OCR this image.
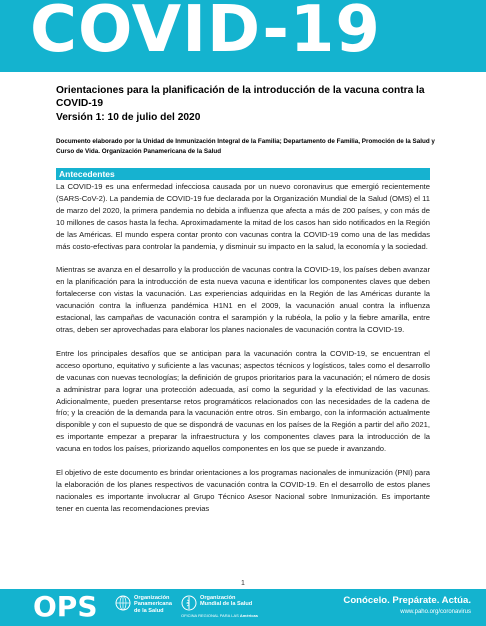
COVID-19
Orientaciones para la planificación de la introducción de la vacuna contra la COVID-19
Versión 1: 10 de julio del 2020
Documento elaborado por la Unidad de Inmunización Integral de la Familia; Departamento de Familia, Promoción de la Salud y Curso de Vida. Organización Panamericana de la Salud
Antecedentes

La COVID-19 es una enfermedad infecciosa causada por un nuevo coronavirus que emergió recientemente (SARS-CoV-2). La pandemia de COVID-19 fue declarada por la Organización Mundial de la Salud (OMS) el 11 de marzo del 2020, la primera pandemia no debida a influenza que afecta a más de 200 países, y con más de 10 millones de casos hasta la fecha. Aproximadamente la mitad de los casos han sido notificados en la Región de las Américas. El mundo espera contar pronto con vacunas contra la COVID-19 como una de las medidas más costo-efectivas para controlar la pandemia, y disminuir su impacto en la salud, la economía y la sociedad.

Mientras se avanza en el desarrollo y la producción de vacunas contra la COVID-19, los países deben avanzar en la planificación para la introducción de esta nueva vacuna e identificar los componentes claves que deben fortalecerse con vistas la vacunación. Las experiencias adquiridas en la Región de las Américas durante la vacunación contra la influenza pandémica H1N1 en el 2009, la vacunación anual contra la influenza estacional, las campañas de vacunación contra el sarampión y la rubéola, la polio y la fiebre amarilla, entre otras, deben ser aprovechadas para elaborar los planes nacionales de vacunación contra la COVID-19.

Entre los principales desafíos que se anticipan para la vacunación contra la COVID-19, se encuentran el acceso oportuno, equitativo y suficiente a las vacunas; aspectos técnicos y logísticos, tales como el desarrollo de vacunas con nuevas tecnologías; la definición de grupos prioritarios para la vacunación; el número de dosis a administrar para lograr una protección adecuada, así como la seguridad y la efectividad de las vacunas. Adicionalmente, pueden presentarse retos programáticos relacionados con las necesidades de la cadena de frío; y la creación de la demanda para la vacunación entre otros. Sin embargo, con la información actualmente disponible y con el supuesto de que se dispondrá de vacunas en los países de la Región a partir del año 2021, es importante empezar a preparar la infraestructura y los componentes claves para la introducción de la vacuna en todos los países, priorizando aquellos componentes en los que se puede ir avanzando.

El objetivo de este documento es brindar orientaciones a los programas nacionales de inmunización (PNI) para la elaboración de los planes respectivos de vacunación contra la COVID-19. En el desarrollo de estos planes nacionales es importante involucrar al Grupo Técnico Asesor Nacional sobre Inmunización. Es importante tener en cuenta las recomendaciones previas

1
OPS	Organización
Panamericana
de la Salud
Organización
Mundial de la Salud
OFICINA REGIONAL PARA LAS Américas
Conócelo. Prepárate. Actúa.
www.paho.org/coronavirus
